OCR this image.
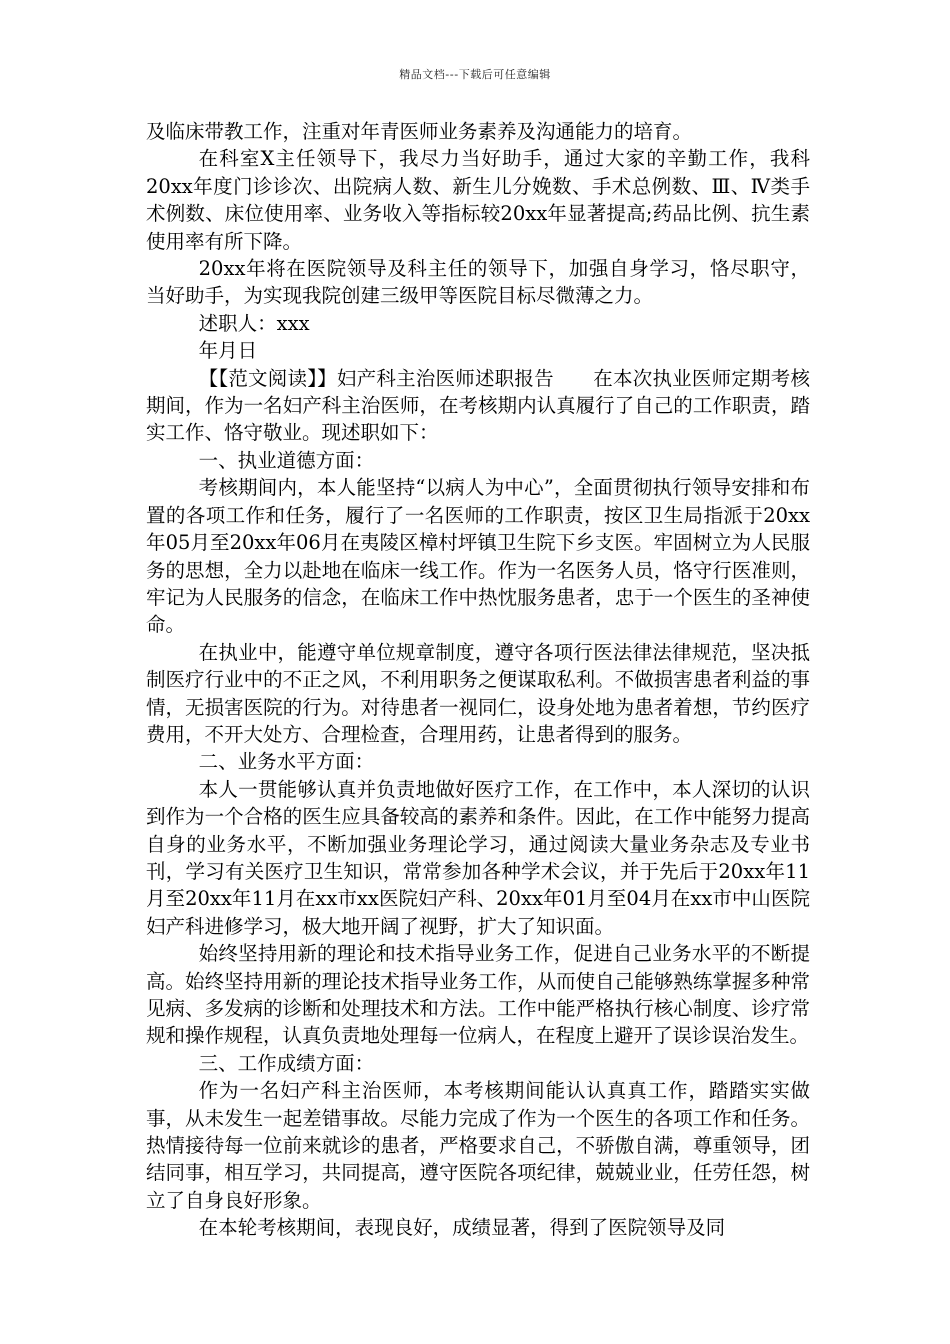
精品文档---下载后可任意编辑

及临床带教工作，注重对年青医师业务素养及沟通能力的培育。

在科室X主任领导下，我尽力当好助手，通过大家的辛勤工作，我科20xx年度门诊诊次、出院病人数、新生儿分娩数、手术总例数、Ⅲ、Ⅳ类手术例数、床位使用率、业务收入等指标较20xx年显著提高;药品比例、抗生素使用率有所下降。

20xx年将在医院领导及科主任的领导下，加强自身学习，恪尽职守，当好助手，为实现我院创建三级甲等医院目标尽微薄之力。

述职人：xxx

年月日

【【范文阅读】】妇产科主治医师述职报告　　在本次执业医师定期考核期间，作为一名妇产科主治医师，在考核期内认真履行了自己的工作职责，踏实工作、恪守敬业。现述职如下：

一、执业道德方面：

考核期间内，本人能坚持“以病人为中心”，全面贯彻执行领导安排和布置的各项工作和任务，履行了一名医师的工作职责，按区卫生局指派于20xx年05月至20xx年06月在夷陵区樟村坪镇卫生院下乡支医。牢固树立为人民服务的思想，全力以赴地在临床一线工作。作为一名医务人员，恪守行医准则，牢记为人民服务的信念，在临床工作中热忱服务患者，忠于一个医生的圣神使命。

在执业中，能遵守单位规章制度，遵守各项行医法律法律规范，坚决抵制医疗行业中的不正之风，不利用职务之便谋取私利。不做损害患者利益的事情，无损害医院的行为。对待患者一视同仁，设身处地为患者着想，节约医疗费用，不开大处方、合理检查，合理用药，让患者得到的服务。

二、业务水平方面：

本人一贯能够认真并负责地做好医疗工作，在工作中，本人深切的认识到作为一个合格的医生应具备较高的素养和条件。因此，在工作中能努力提高自身的业务水平，不断加强业务理论学习，通过阅读大量业务杂志及专业书刊，学习有关医疗卫生知识，常常参加各种学术会议，并于先后于20xx年11月至20xx年11月在xx市xx医院妇产科、20xx年01月至04月在xx市中山医院妇产科进修学习，极大地开阔了视野，扩大了知识面。

始终坚持用新的理论和技术指导业务工作，促进自己业务水平的不断提高。始终坚持用新的理论技术指导业务工作，从而使自己能够熟练掌握多种常见病、多发病的诊断和处理技术和方法。工作中能严格执行核心制度、诊疗常规和操作规程，认真负责地处理每一位病人，在程度上避开了误诊误治发生。

三、工作成绩方面：

作为一名妇产科主治医师，本考核期间能认认真真工作，踏踏实实做事，从未发生一起差错事故。尽能力完成了作为一个医生的各项工作和任务。热情接待每一位前来就诊的患者，严格要求自己，不骄傲自满，尊重领导，团结同事，相互学习，共同提高，遵守医院各项纪律，兢兢业业，任劳任怨，树立了自身良好形象。

在本轮考核期间，表现良好，成绩显著，得到了医院领导及同
